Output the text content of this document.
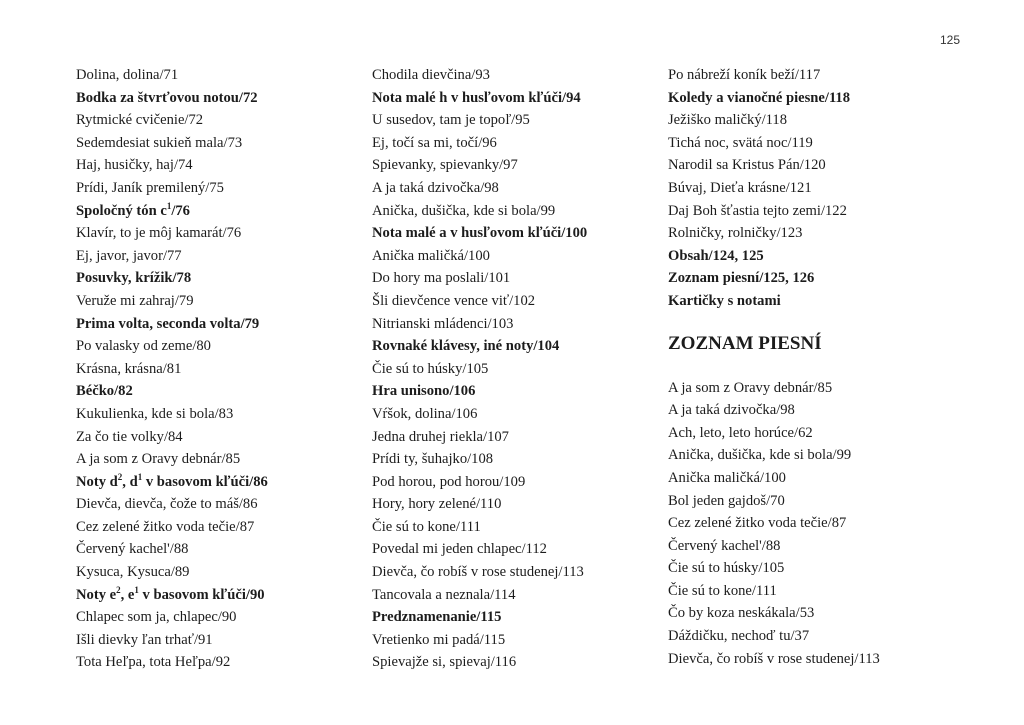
125
Dolina, dolina/71
Bodka za štvrťovou notou/72
Rytmické cvičenie/72
Sedemdesiat sukieň mala/73
Haj, husičky, haj/74
Prídi, Janík premilený/75
Spoločný tón $c^1/76$
Klavír, to je môj kamarát/76
Ej, javor, javor/77
Posuvky, krížik/78
Veruže mi zahraj/79
Prima volta, seconda volta/79
Po valasky od zeme/80
Krásna, krásna/81
Béčko/82
Kukulienka, kde si bola/83
Za čo tie volky/84
A ja som z Oravy debnár/85
Noty $d^2$, $d^1$ v basovom kľúči/86
Dievča, dievča, čože to máš/86
Cez zelené žitko voda tečie/87
Červený kachel'/88
Kysuca, Kysuca/89
Noty $e^2$, $e^1$ v basovom kľúči/90
Chlapec som ja, chlapec/90
Išli dievky ľan trhať/91
Tota Heľpa, tota Heľpa/92
Chodila dievčina/93
Nota malé h v husľovom kľúči/94
U susedov, tam je topoľ/95
Ej, točí sa mi, točí/96
Spievanky, spievanky/97
A ja taká dzivočka/98
Anička, dušička, kde si bola/99
Nota malé a v husľovom kľúči/100
Anička maličká/100
Do hory ma poslali/101
Šli dievčence vence viť/102
Nitrianski mládenci/103
Rovnaké klávesy, iné noty/104
Čie sú to húsky/105
Hra unisono/106
Vŕšok, dolina/106
Jedna druhej riekla/107
Prídi ty, šuhajko/108
Pod horou, pod horou/109
Hory, hory zelené/110
Čie sú to kone/111
Povedal mi jeden chlapec/112
Dievča, čo robíš v rose studenej/113
Tancovala a neznala/114
Predznamenanie/115
Vretienko mi padá/115
Spievajže si, spievaj/116
Po nábreží koník beží/117
Koledy a vianočné piesne/118
Ježiško maličký/118
Tichá noc, svätá noc/119
Narodil sa Kristus Pán/120
Búvaj, Dieťa krásne/121
Daj Boh šťastia tejto zemi/122
Rolničky, rolničky/123
Obsah/124, 125
Zoznam piesní/125, 126
Kartičky s notami
ZOZNAM PIESNÍ
A ja som z Oravy debnár/85
A ja taká dzivočka/98
Ach, leto, leto horúce/62
Anička, dušička, kde si bola/99
Anička maličká/100
Bol jeden gajdoš/70
Cez zelené žitko voda tečie/87
Červený kachel'/88
Čie sú to húsky/105
Čie sú to kone/111
Čo by koza neskákala/53
Dáždičku, nechoď tu/37
Dievča, čo robíš v rose studenej/113
